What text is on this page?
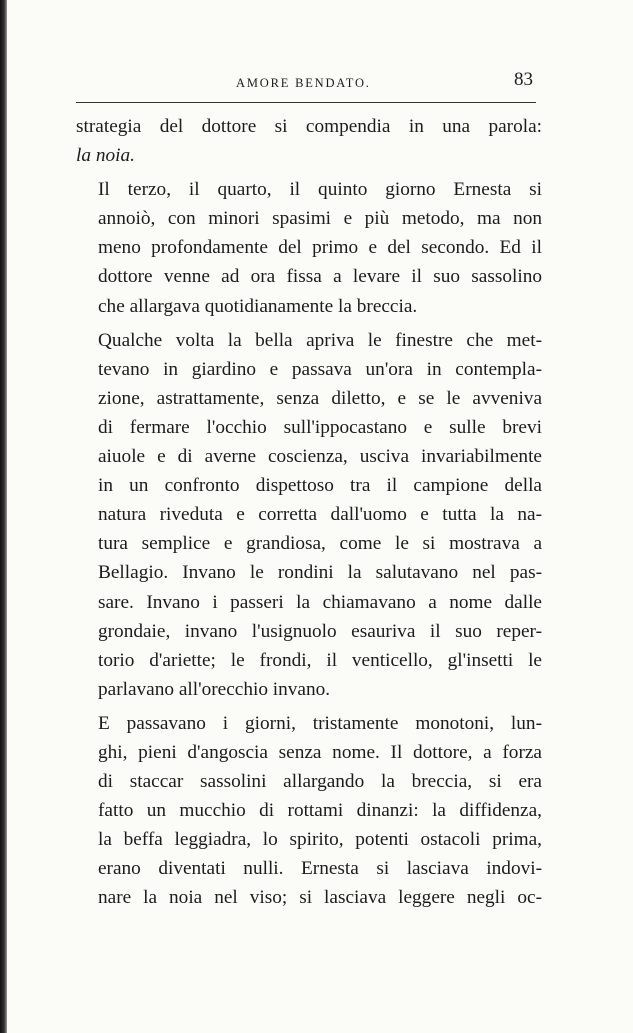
AMORE BENDATO.	83

strategia del dottore si compendia in una parola:
la noia.

Il terzo, il quarto, il quinto giorno Ernesta si
annoiò, con minori spasimi e più metodo, ma non
meno profondamente del primo e del secondo. Ed il
dottore venne ad ora fissa a levare il suo sassolino
che allargava quotidianamente la breccia.

Qualche volta la bella apriva le finestre che met-
tevano in giardino e passava un'ora in contempla-
zione, astrattamente, senza diletto, e se le avveniva
di fermare l'occhio sull'ippocastano e sulle brevi
aiuole e di averne coscienza, usciva invariabilmente
in un confronto dispettoso tra il campione della
natura riveduta e corretta dall'uomo e tutta la na-
tura semplice e grandiosa, come le si mostrava a
Bellagio. Invano le rondini la salutavano nel pas-
sare. Invano i passeri la chiamavano a nome dalle
grondaie, invano l'usignuolo esauriva il suo reper-
torio d'ariette; le frondi, il venticello, gl'insetti le
parlavano all'orecchio invano.

E passavano i giorni, tristamente monotoni, lun-
ghi, pieni d'angoscia senza nome. Il dottore, a forza
di staccar sassolini allargando la breccia, si era
fatto un mucchio di rottami dinanzi: la diffidenza,
la beffa leggiadra, lo spirito, potenti ostacoli prima,
erano diventati nulli. Ernesta si lasciava indovi-
nare la noia nel viso; si lasciava leggere negli oc-
